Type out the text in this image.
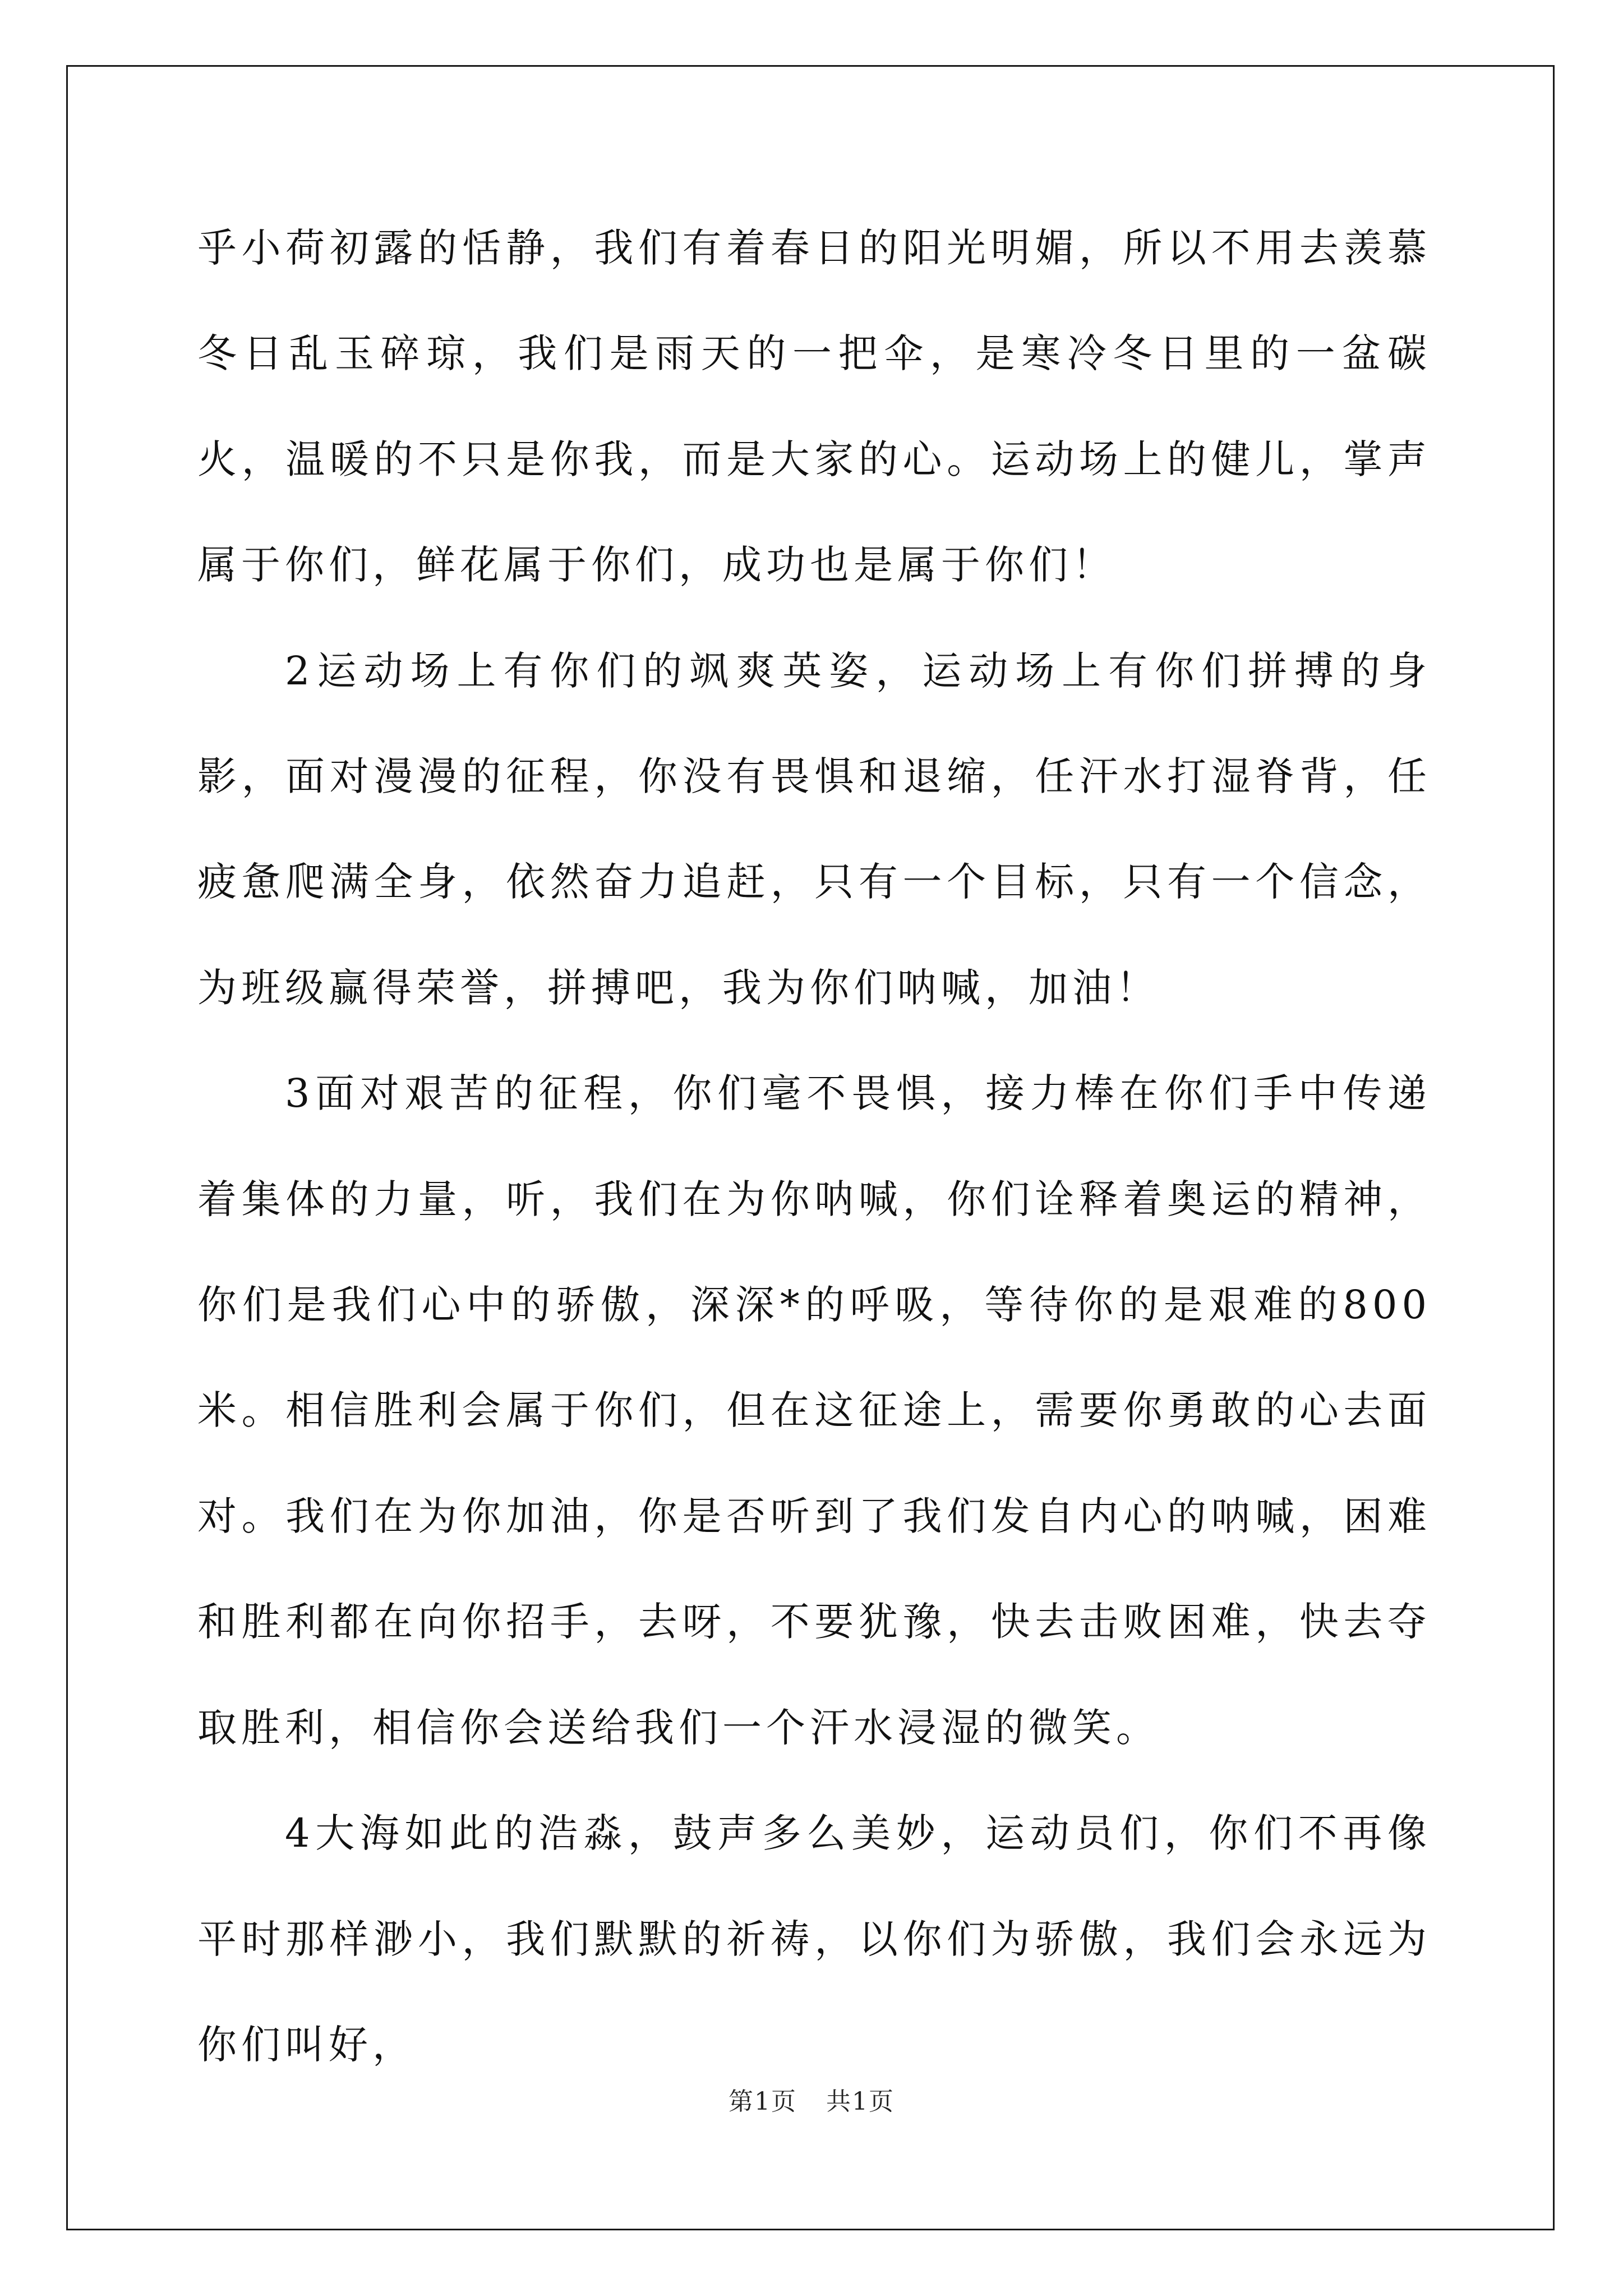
乎小荷初露的恬静，我们有着春日的阳光明媚，所以不用去羡慕冬日乱玉碎琼，我们是雨天的一把伞，是寒冷冬日里的一盆碳火，温暖的不只是你我，而是大家的心。运动场上的健儿，掌声属于你们，鲜花属于你们，成功也是属于你们！

2运动场上有你们的飒爽英姿，运动场上有你们拼搏的身影，面对漫漫的征程，你没有畏惧和退缩，任汗水打湿脊背，任疲惫爬满全身，依然奋力追赶，只有一个目标，只有一个信念，为班级赢得荣誉，拼搏吧，我为你们呐喊，加油！

3面对艰苦的征程，你们毫不畏惧，接力棒在你们手中传递着集体的力量，听，我们在为你呐喊，你们诠释着奥运的精神，你们是我们心中的骄傲，深深*的呼吸，等待你的是艰难的800米。相信胜利会属于你们，但在这征途上，需要你勇敢的心去面对。我们在为你加油，你是否听到了我们发自内心的呐喊，困难和胜利都在向你招手，去呀，不要犹豫，快去击败困难，快去夺取胜利，相信你会送给我们一个汗水浸湿的微笑。

4大海如此的浩淼，鼓声多么美妙，运动员们，你们不再像平时那样渺小，我们默默的祈祷，以你们为骄傲，我们会永远为你们叫好，

第1页 共1页
